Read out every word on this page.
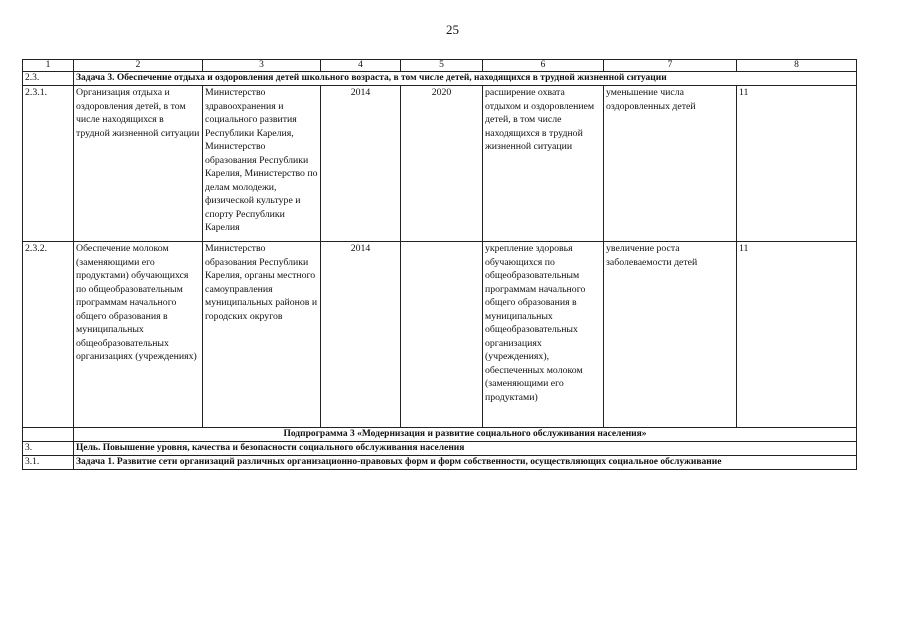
25
1	2	3	4	5	6	7	8
2.3.	Задача 3. Обеспечение отдыха и оздоровления детей школьного возраста, в том числе детей, находящихся в трудной жизненной ситуации						
2.3.1.	Организация отдыха и оздоровления детей, в том числе находящихся в трудной жизненной ситуации	Министерство здравоохранения и социального развития Республики Карелия, Министерство образования Республики Карелия, Министерство по делам молодежи, физической культуре и спорту Республики Карелия	2014	2020	расширение охвата отдыхом и оздоровлением детей, в том числе находящихся в трудной жизненной ситуации	уменьшение числа оздоровленных детей	11
2.3.2.	Обеспечение молоком (заменяющими его продуктами) обучающихся по общеобразовательным программам начального общего образования в муниципальных общеобразовательных организациях (учреждениях)	Министерство образования Республики Карелия, органы местного самоуправления муниципальных районов и городских округов	2014		укрепление здоровья обучающихся по общеобразовательным программам начального общего образования в муниципальных общеобразовательных организациях (учреждениях), обеспеченных молоком (заменяющими его продуктами)	увеличение роста заболеваемости детей	11
	Подпрограмма 3 «Модернизация и развитие социального обслуживания населения»						
3.	Цель. Повышение уровня, качества и безопасности социального обслуживания населения						
3.1.	Задача 1. Развитие сети организаций различных организационно-правовых форм и форм собственности, осуществляющих социальное обслуживание						
